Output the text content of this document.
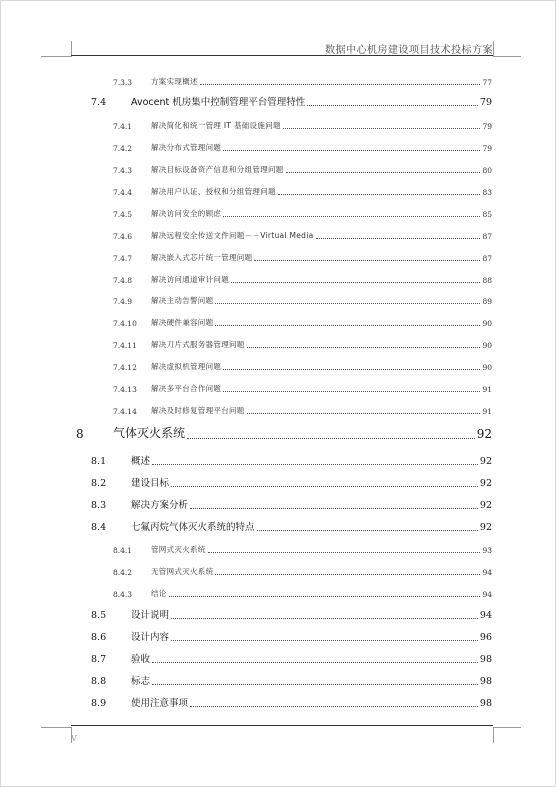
数据中心机房建设项目技术投标方案
7.3.3	方案实现概述	77
7.4	Avocent 机房集中控制管理平台管理特性	79
7.4.1	解决简化和统一管理 IT 基础设施问题	79
7.4.2	解决分布式管理问题	79
7.4.3	解决目标设备资产信息和分组管理问题	80
7.4.4	解决用户认证、授权和分组管理问题	83
7.4.5	解决访问安全的顾虑	85
7.4.6	解决远程安全传送文件问题－－Virtual Media	87
7.4.7	解决嵌入式芯片统一管理问题	87
7.4.8	解决访问通道审计问题	88
7.4.9	解决主动告警问题	89
7.4.10 解决硬件兼容问题	90
7.4.11 解决刀片式服务器管理问题	90
7.4.12 解决虚拟机管理问题	90
7.4.13 解决多平台合作问题	91
7.4.14 解决及时修复管理平台问题	91
8 气体灭火系统	92
8.1	概述	92
8.2	建设目标	92
8.3	解决方案分析	92
8.4	七氟丙烷气体灭火系统的特点	92
8.4.1	管网式灭火系统	93
8.4.2	无管网式灭火系统	94
8.4.3	结论	94
8.5	设计说明	94
8.6	设计内容	96
8.7	验收	98
8.8	标志	98
8.9	使用注意事项	98
V
